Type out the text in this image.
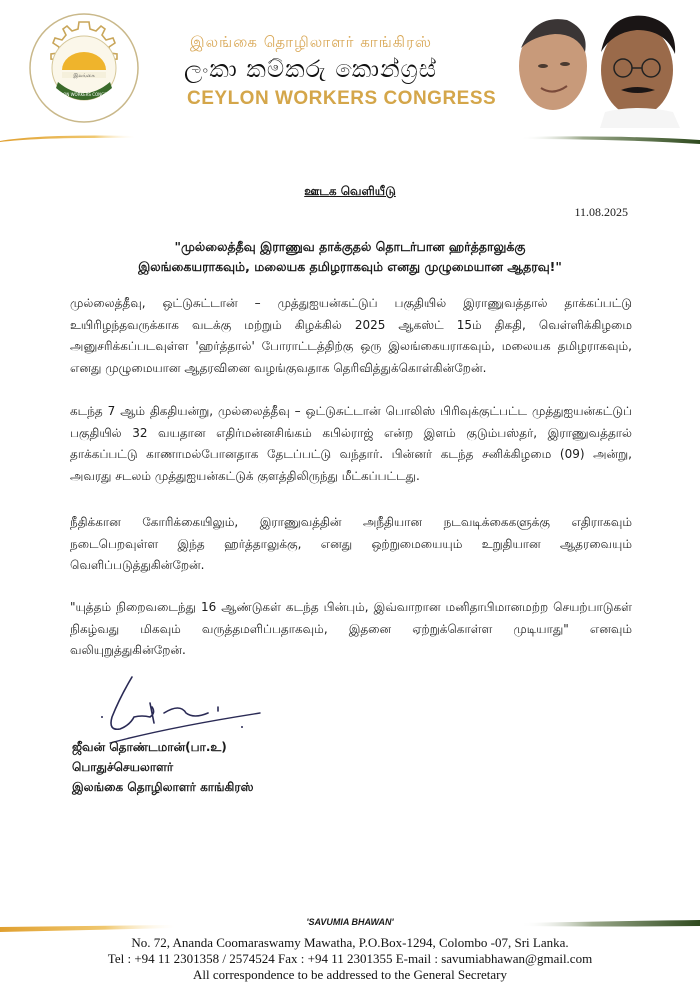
இலங்கை
CEYLON WORKERS CONGRESS
இலங்கை தொழிலாளர் காங்கிரஸ்
ලංකා කම්කරු කොන්ග්‍රස්
CEYLON WORKERS CONGRESS
ஊடக வெளியீடு
11.08.2025
"முல்லைத்தீவு இராணுவ தாக்குதல் தொடர்பான ஹர்த்தாலுக்கு
இலங்கையராகவும், மலையக தமிழராகவும் எனது முழுமையான ஆதரவு!"

முல்லைத்தீவு, ஒட்டுசுட்டான் – முத்துஐயன்கட்டுப் பகுதியில் இராணுவத்தால் தாக்கப்பட்டு உயிரிழந்தவருக்காக வடக்கு மற்றும் கிழக்கில் 2025 ஆகஸ்ட் 15ம் திகதி, வெள்ளிக்கிழமை அனுசரிக்கப்படவுள்ள 'ஹர்த்தால்' போராட்டத்திற்கு ஒரு இலங்கையராகவும், மலையக தமிழராகவும், எனது முழுமையான ஆதரவினை வழங்குவதாக தெரிவித்துக்கொள்கின்றேன்.

கடந்த 7 ஆம் திகதியன்று, முல்லைத்தீவு – ஒட்டுசுட்டான் பொலிஸ் பிரிவுக்குட்பட்ட முத்துஐயன்கட்டுப் பகுதியில் 32 வயதான எதிர்மன்னசிங்கம் கபில்ராஜ் என்ற இளம் குடும்பஸ்தர், இராணுவத்தால் தாக்கப்பட்டு காணாமல்போனதாக தேடப்பட்டு வந்தார். பின்னர் கடந்த சனிக்கிழமை (09) அன்று, அவரது சடலம் முத்துஐயன்கட்டுக் குளத்திலிருந்து மீட்கப்பட்டது.

நீதிக்கான கோரிக்கையிலும், இராணுவத்தின் அநீதியான நடவடிக்கைகளுக்கு எதிராகவும் நடைபெறவுள்ள இந்த ஹர்த்தாலுக்கு, எனது ஒற்றுமையையும் உறுதியான ஆதரவையும் வெளிப்படுத்துகின்றேன்.

"யுத்தம் நிறைவடைந்து 16 ஆண்டுகள் கடந்த பின்பும், இவ்வாறான மனிதாபிமானமற்ற செயற்பாடுகள் நிகழ்வது மிகவும் வருத்தமளிப்பதாகவும், இதனை ஏற்றுக்கொள்ள முடியாது" எனவும் வலியுறுத்துகின்றேன்.

ஜீவன் தொண்டமான்(பா.உ)
பொதுச்செயலாளர்
இலங்கை தொழிலாளர் காங்கிரஸ்
'SAVUMIA BHAWAN'
No. 72, Ananda Coomaraswamy Mawatha, P.O.Box-1294, Colombo -07, Sri Lanka.
Tel : +94 11 2301358 / 2574524 Fax : +94 11 2301355 E-mail : savumiabhawan@gmail.com
All correspondence to be addressed to the General Secretary
